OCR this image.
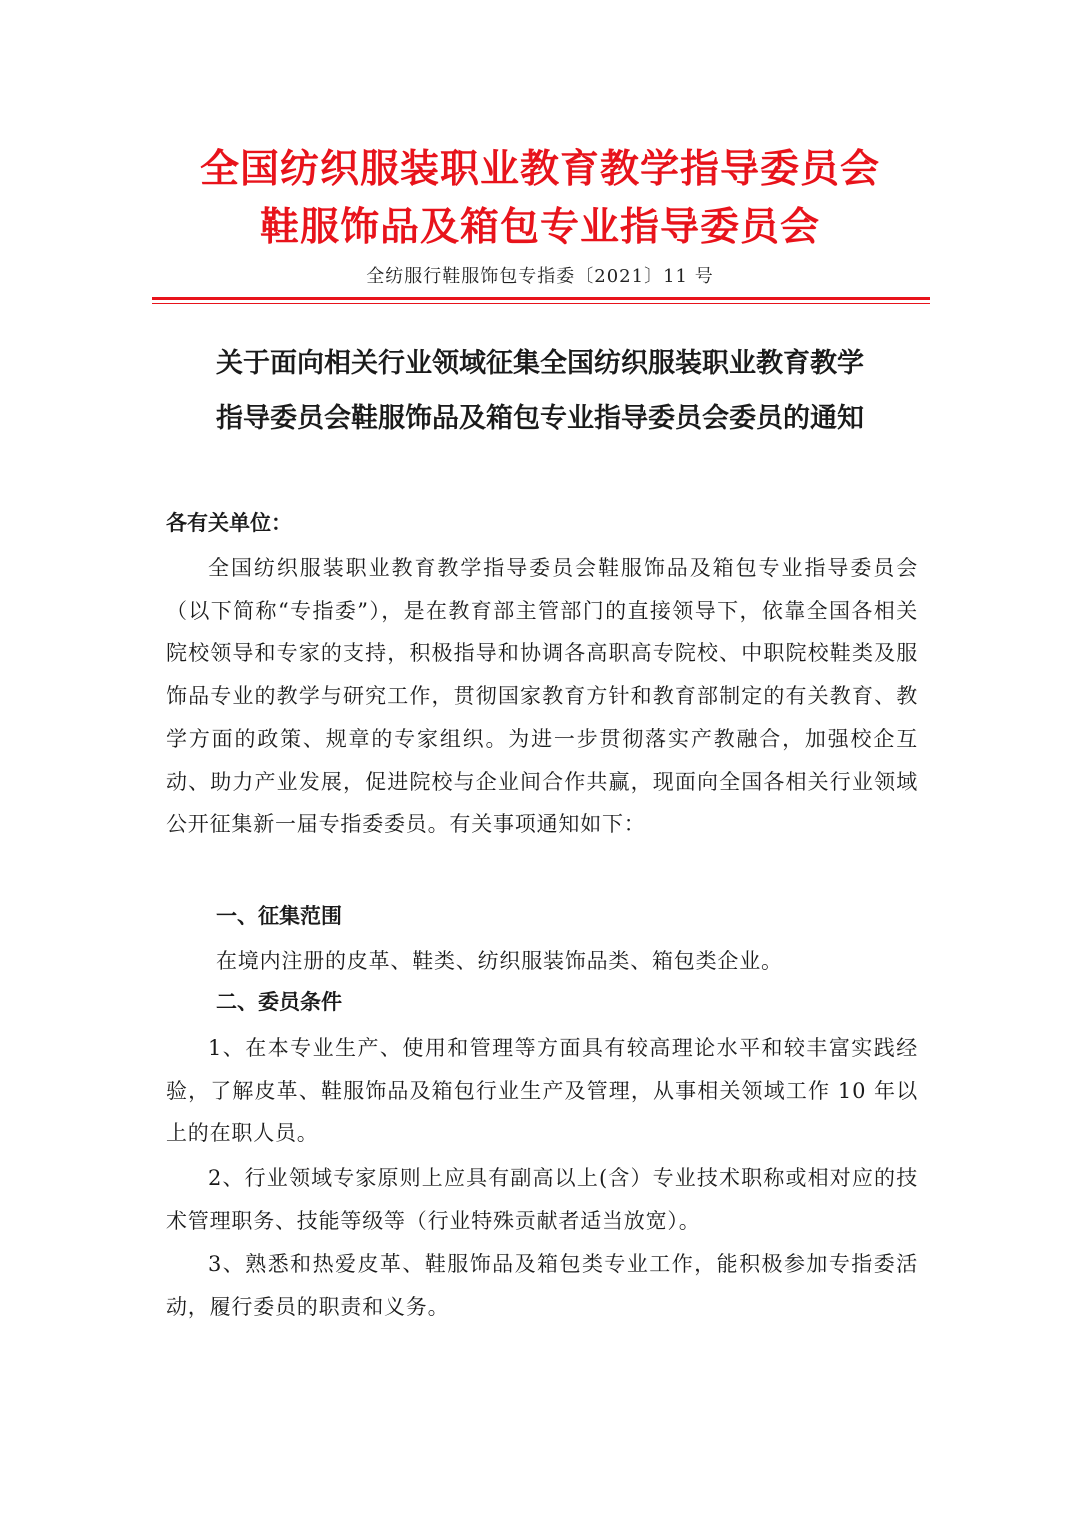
全国纺织服装职业教育教学指导委员会
鞋服饰品及箱包专业指导委员会
全纺服行鞋服饰包专指委〔2021〕11 号
关于面向相关行业领域征集全国纺织服装职业教育教学
指导委员会鞋服饰品及箱包专业指导委员会委员的通知
各有关单位：
全国纺织服装职业教育教学指导委员会鞋服饰品及箱包专业指导委员会（以下简称“专指委”），是在教育部主管部门的直接领导下，依靠全国各相关院校领导和专家的支持，积极指导和协调各高职高专院校、中职院校鞋类及服饰品专业的教学与研究工作，贯彻国家教育方针和教育部制定的有关教育、教学方面的政策、规章的专家组织。为进一步贯彻落实产教融合，加强校企互动、助力产业发展，促进院校与企业间合作共赢，现面向全国各相关行业领域公开征集新一届专指委委员。有关事项通知如下：
一、征集范围
在境内注册的皮革、鞋类、纺织服装饰品类、箱包类企业。
二、委员条件
1、在本专业生产、使用和管理等方面具有较高理论水平和较丰富实践经验，了解皮革、鞋服饰品及箱包行业生产及管理，从事相关领域工作 10 年以上的在职人员。
2、行业领域专家原则上应具有副高以上(含）专业技术职称或相对应的技术管理职务、技能等级等（行业特殊贡献者适当放宽）。
3、熟悉和热爱皮革、鞋服饰品及箱包类专业工作，能积极参加专指委活动，履行委员的职责和义务。
